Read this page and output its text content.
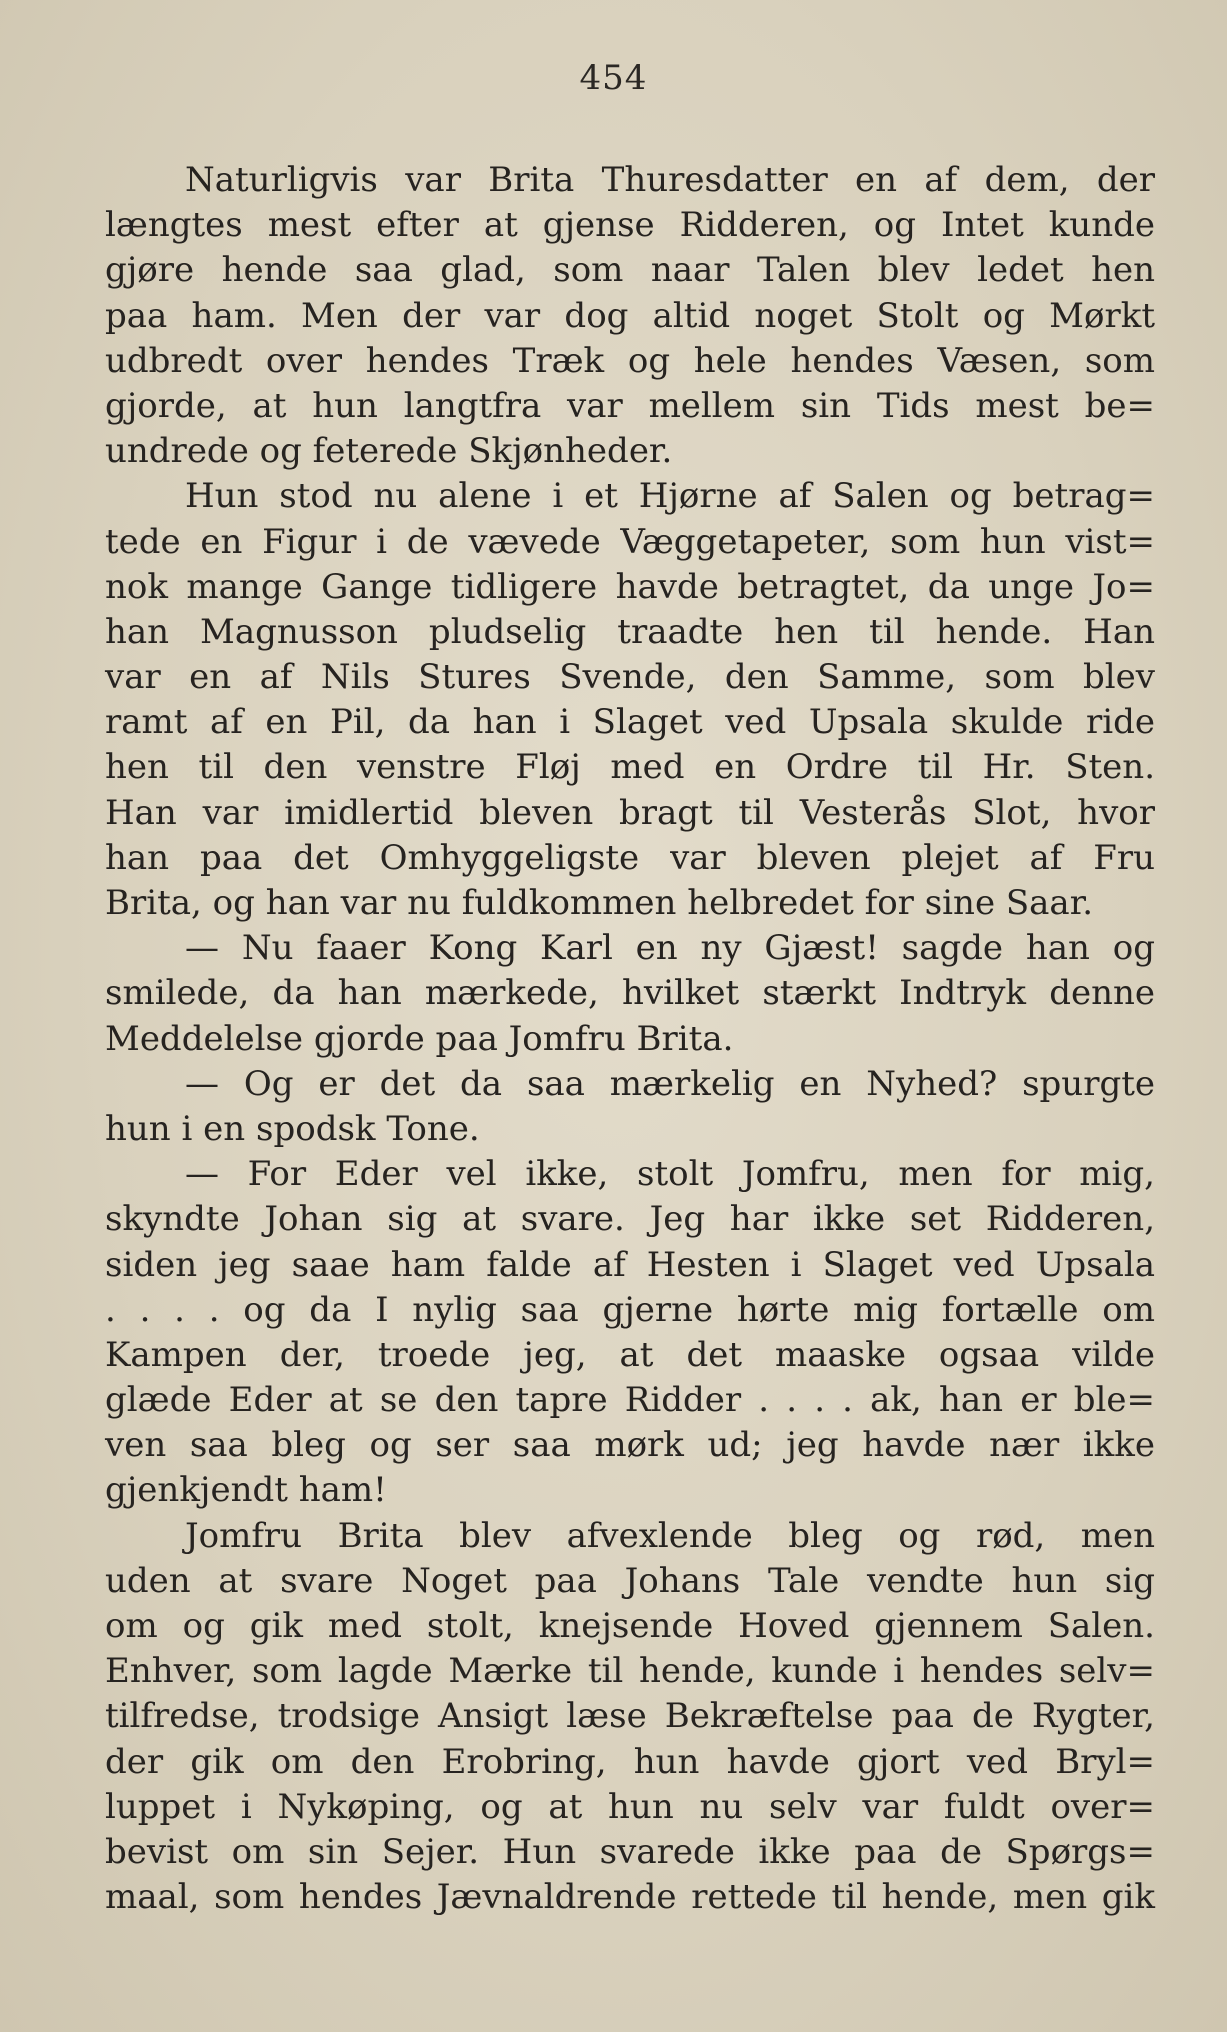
454
Naturligvis var Brita Thuresdatter en af dem, der
længtes mest efter at gjense Ridderen, og Intet kunde
gjøre hende saa glad, som naar Talen blev ledet hen
paa ham. Men der var dog altid noget Stolt og Mørkt
udbredt over hendes Træk og hele hendes Væsen, som
gjorde, at hun langtfra var mellem sin Tids mest be=
undrede og feterede Skjønheder.
Hun stod nu alene i et Hjørne af Salen og betrag=
tede en Figur i de vævede Væggetapeter, som hun vist=
nok mange Gange tidligere havde betragtet, da unge Jo=
han Magnusson pludselig traadte hen til hende. Han
var en af Nils Stures Svende, den Samme, som blev
ramt af en Pil, da han i Slaget ved Upsala skulde ride
hen til den venstre Fløj med en Ordre til Hr. Sten.
Han var imidlertid bleven bragt til Vesterås Slot, hvor
han paa det Omhyggeligste var bleven plejet af Fru
Brita, og han var nu fuldkommen helbredet for sine Saar.
— Nu faaer Kong Karl en ny Gjæst! sagde han og
smilede, da han mærkede, hvilket stærkt Indtryk denne
Meddelelse gjorde paa Jomfru Brita.
— Og er det da saa mærkelig en Nyhed? spurgte
hun i en spodsk Tone.
— For Eder vel ikke, stolt Jomfru, men for mig,
skyndte Johan sig at svare. Jeg har ikke set Ridderen,
siden jeg saae ham falde af Hesten i Slaget ved Upsala
. . . . og da I nylig saa gjerne hørte mig fortælle om
Kampen der, troede jeg, at det maaske ogsaa vilde
glæde Eder at se den tapre Ridder . . . . ak, han er ble=
ven saa bleg og ser saa mørk ud; jeg havde nær ikke
gjenkjendt ham!
Jomfru Brita blev afvexlende bleg og rød, men
uden at svare Noget paa Johans Tale vendte hun sig
om og gik med stolt, knejsende Hoved gjennem Salen.
Enhver, som lagde Mærke til hende, kunde i hendes selv=
tilfredse, trodsige Ansigt læse Bekræftelse paa de Rygter,
der gik om den Erobring, hun havde gjort ved Bryl=
luppet i Nykøping, og at hun nu selv var fuldt over=
bevist om sin Sejer. Hun svarede ikke paa de Spørgs=
maal, som hendes Jævnaldrende rettede til hende, men gik
